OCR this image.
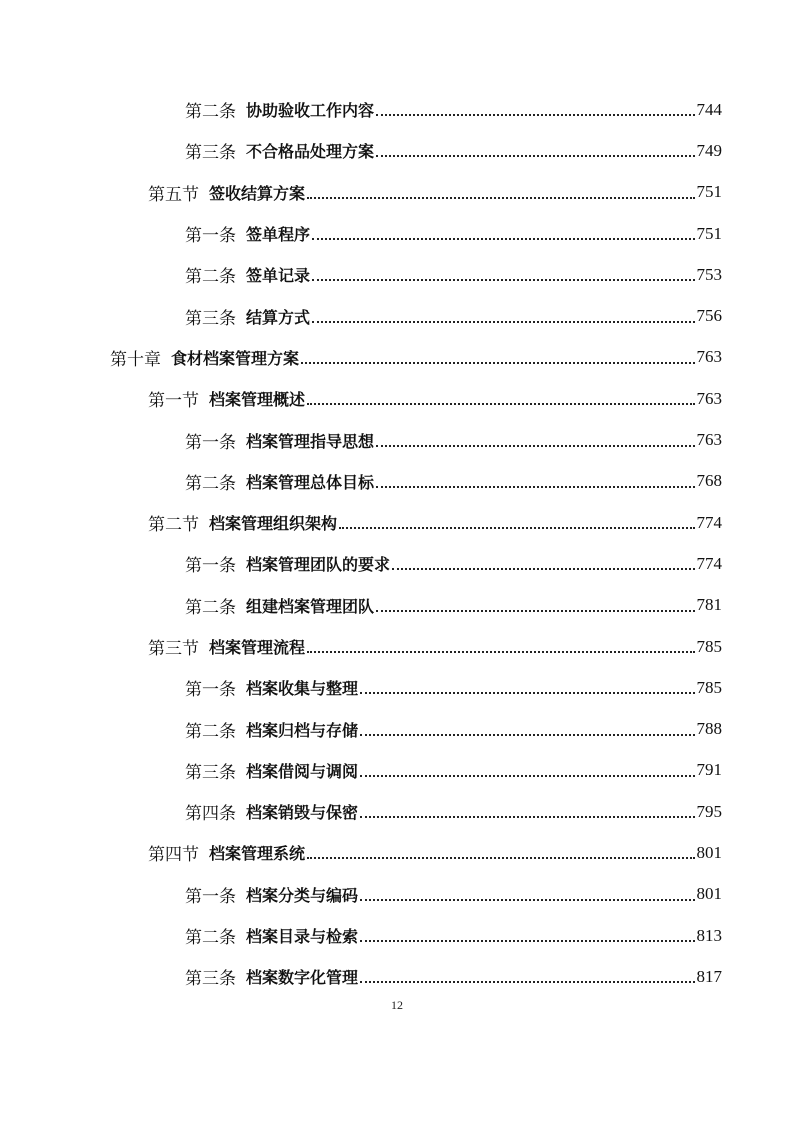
第二条 协助验收工作内容	744
第三条 不合格品处理方案	749
第五节 签收结算方案	751
第一条 签单程序	751
第二条 签单记录	753
第三条 结算方式	756
第十章 食材档案管理方案	763
第一节 档案管理概述	763
第一条 档案管理指导思想	763
第二条 档案管理总体目标	768
第二节 档案管理组织架构	774
第一条 档案管理团队的要求	774
第二条 组建档案管理团队	781
第三节 档案管理流程	785
第一条 档案收集与整理	785
第二条 档案归档与存储	788
第三条 档案借阅与调阅	791
第四条 档案销毁与保密	795
第四节 档案管理系统	801
第一条 档案分类与编码	801
第二条 档案目录与检索	813
第三条 档案数字化管理	817
12
